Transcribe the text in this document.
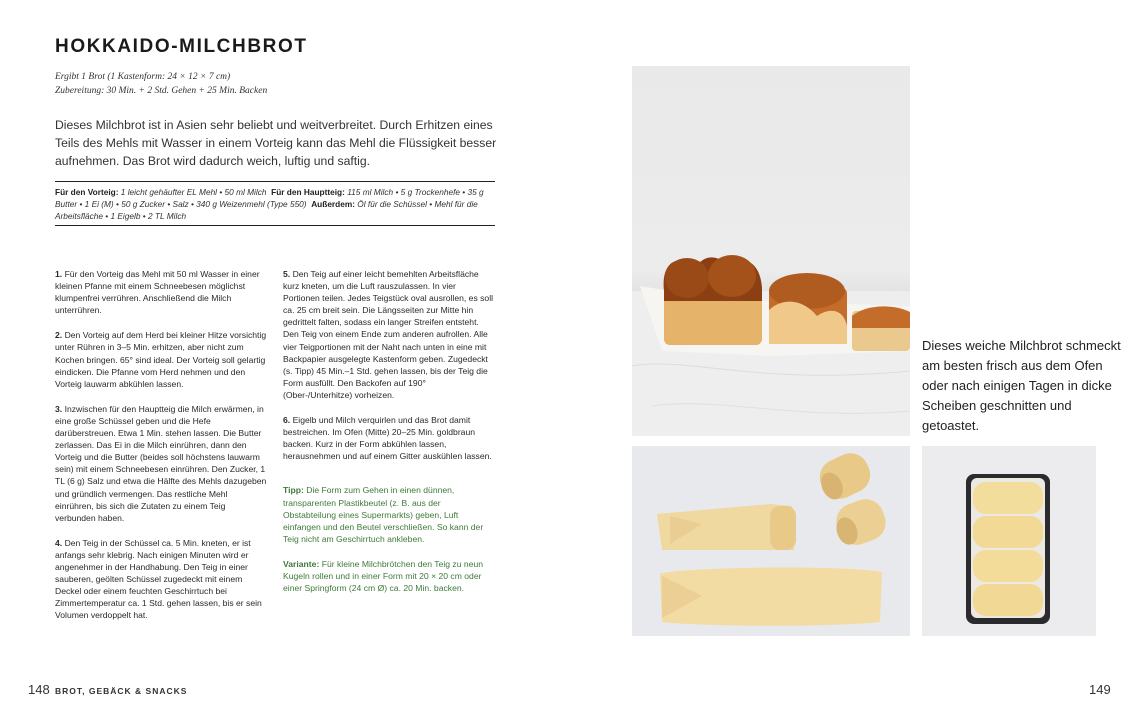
HOKKAIDO-MILCHBROT
Ergibt 1 Brot (1 Kastenform: 24 × 12 × 7 cm)
Zubereitung: 30 Min. + 2 Std. Gehen + 25 Min. Backen
Dieses Milchbrot ist in Asien sehr beliebt und weitverbreitet. Durch Erhitzen eines Teils des Mehls mit Wasser in einem Vorteig kann das Mehl die Flüssigkeit besser aufnehmen. Das Brot wird dadurch weich, luftig und saftig.
Für den Vorteig: 1 leicht gehäufter EL Mehl • 50 ml Milch Für den Hauptteig: 115 ml Milch • 5 g Trockenhefe • 35 g Butter • 1 Ei (M) • 50 g Zucker • Salz • 340 g Weizenmehl (Type 550) Außerdem: Öl für die Schüssel • Mehl für die Arbeitsfläche • 1 Eigelb • 2 TL Milch

1. Für den Vorteig das Mehl mit 50 ml Wasser in einer kleinen Pfanne mit einem Schneebesen möglichst klumpenfrei verrühren. Anschließend die Milch unterrühren.

2. Den Vorteig auf dem Herd bei kleiner Hitze vorsichtig unter Rühren in 3–5 Min. erhitzen, aber nicht zum Kochen bringen. 65° sind ideal. Der Vorteig soll gelartig eindicken. Die Pfanne vom Herd nehmen und den Vorteig lauwarm abkühlen lassen.

3. Inzwischen für den Hauptteig die Milch erwärmen, in eine große Schüssel geben und die Hefe darüberstreuen. Etwa 1 Min. stehen lassen. Die Butter zerlassen. Das Ei in die Milch einrühren, dann den Vorteig und die Butter (beides soll höchstens lauwarm sein) mit einem Schneebesen einrühren. Den Zucker, 1 TL (6 g) Salz und etwa die Hälfte des Mehls dazugeben und gründlich vermengen. Das restliche Mehl einrühren, bis sich die Zutaten zu einem Teig verbunden haben.

4. Den Teig in der Schüssel ca. 5 Min. kneten, er ist anfangs sehr klebrig. Nach einigen Minuten wird er angenehmer in der Handhabung. Den Teig in einer sauberen, geölten Schüssel zugedeckt mit einem Deckel oder einem feuchten Geschirrtuch bei Zimmertemperatur ca. 1 Std. gehen lassen, bis er sein Volumen verdoppelt hat.

5. Den Teig auf einer leicht bemehlten Arbeitsfläche kurz kneten, um die Luft rauszulassen. In vier Portionen teilen. Jedes Teigstück oval ausrollen, es soll ca. 25 cm breit sein. Die Längsseiten zur Mitte hin gedrittelt falten, sodass ein langer Streifen entsteht. Den Teig von einem Ende zum anderen aufrollen. Alle vier Teigportionen mit der Naht nach unten in eine mit Backpapier ausgelegte Kastenform geben. Zugedeckt (s. Tipp) 45 Min.–1 Std. gehen lassen, bis der Teig die Form ausfüllt. Den Backofen auf 190° (Ober-/Unterhitze) vorheizen.

6. Eigelb und Milch verquirlen und das Brot damit bestreichen. Im Ofen (Mitte) 20–25 Min. goldbraun backen. Kurz in der Form abkühlen lassen, herausnehmen und auf einem Gitter auskühlen lassen.

Tipp: Die Form zum Gehen in einen dünnen, transparenten Plastikbeutel (z. B. aus der Obstabteilung eines Supermarkts) geben, Luft einfangen und den Beutel verschließen. So kann der Teig nicht am Geschirrtuch ankleben.

Variante: Für kleine Milchbrötchen den Teig zu neun Kugeln rollen und in einer Form mit 20 × 20 cm oder einer Springform (24 cm Ø) ca. 20 Min. backen.

148 BROT, GEBÄCK & SNACKS	149
Dieses weiche Milchbrot schmeckt am besten frisch aus dem Ofen oder nach einigen Tagen in dicke Scheiben geschnitten und getoastet.
